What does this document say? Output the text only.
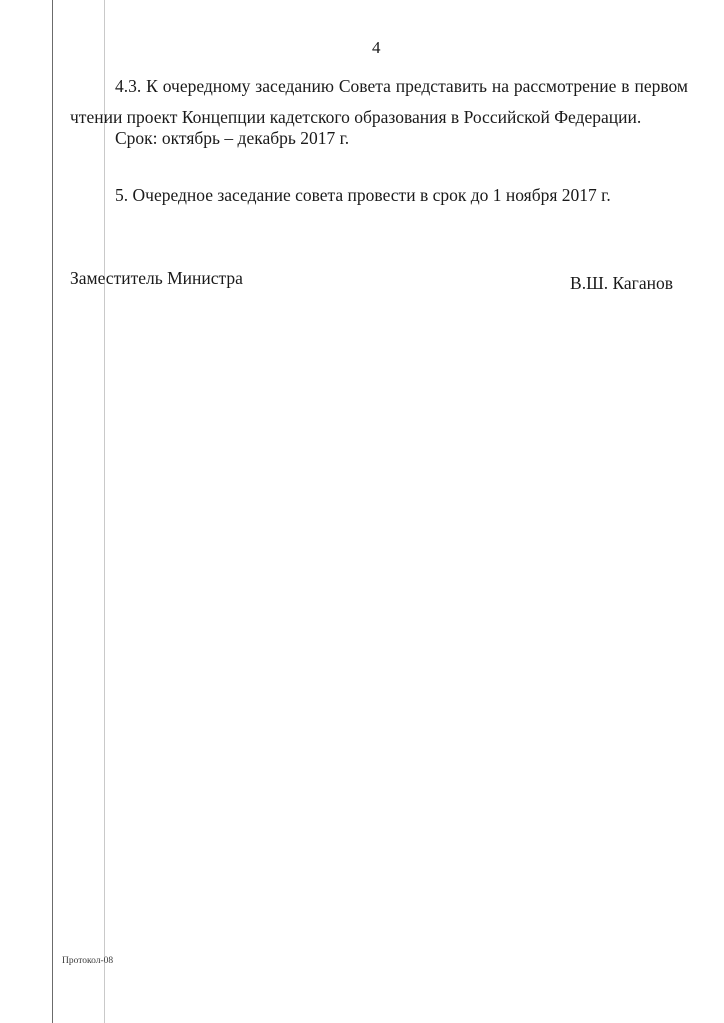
4
4.3. К очередному заседанию Совета представить на рассмотрение в первом
чтении проект Концепции кадетского образования в Российской Федерации.
Срок: октябрь – декабрь 2017 г.
5. Очередное заседание совета провести в срок до 1 ноября 2017 г.
Заместитель Министра	В.Ш. Каганов
Протокол-08
